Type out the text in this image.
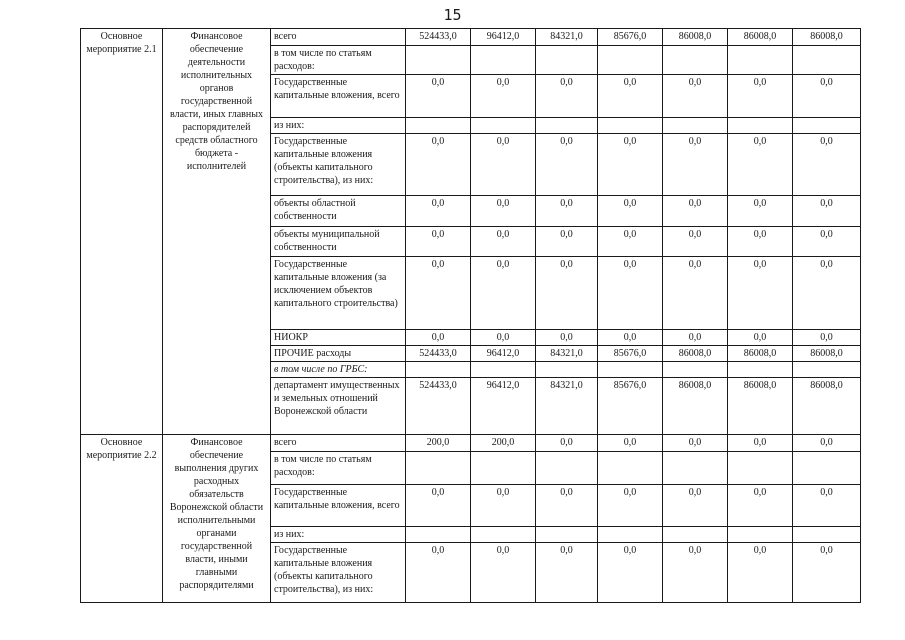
15
Основное мероприятие 2.1	Финансовое обеспечение деятельности исполнительных органов государственной власти, иных главных распорядителей средств областного бюджета - исполнителей	всего	524433,0	96412,0	84321,0	85676,0	86008,0	86008,0	86008,0
		в том числе по статьям расходов:							
		Государственные капитальные вложения, всего	0,0	0,0	0,0	0,0	0,0	0,0	0,0
		из них:							
		Государственные капитальные вложения (объекты капитального строительства), из них:	0,0	0,0	0,0	0,0	0,0	0,0	0,0
		объекты областной собственности	0,0	0,0	0,0	0,0	0,0	0,0	0,0
		объекты муниципальной собственности	0,0	0,0	0,0	0,0	0,0	0,0	0,0
		Государственные капитальные вложения (за исключением объектов капитального строительства)	0,0	0,0	0,0	0,0	0,0	0,0	0,0
		НИОКР	0,0	0,0	0,0	0,0	0,0	0,0	0,0
		ПРОЧИЕ расходы	524433,0	96412,0	84321,0	85676,0	86008,0	86008,0	86008,0
		в том числе по ГРБС:							
		департамент имущественных и земельных отношений Воронежской области	524433,0	96412,0	84321,0	85676,0	86008,0	86008,0	86008,0
Основное мероприятие 2.2	Финансовое обеспечение выполнения других расходных обязательств Воронежской области исполнительными органами государственной власти, иными главными распорядителями	всего	200,0	200,0	0,0	0,0	0,0	0,0	0,0
		в том числе по статьям расходов:							
		Государственные капитальные вложения, всего	0,0	0,0	0,0	0,0	0,0	0,0	0,0
		из них:							
		Государственные капитальные вложения (объекты капитального строительства), из них:	0,0	0,0	0,0	0,0	0,0	0,0	0,0
